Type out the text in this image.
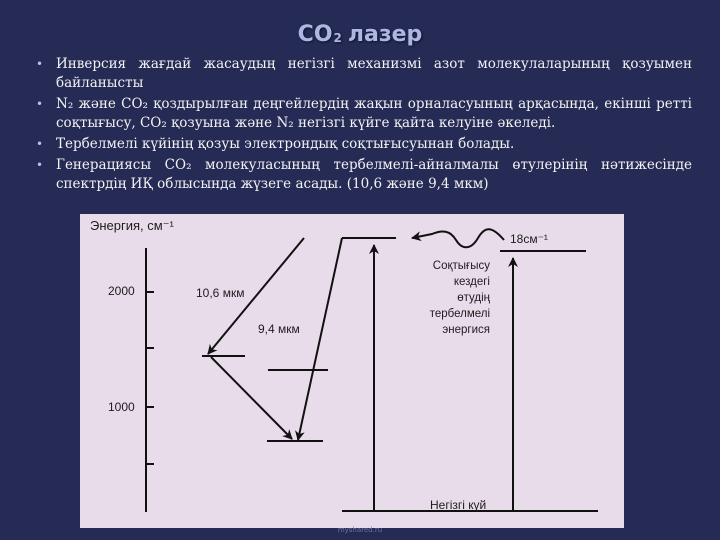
$CO_2$ лазер
• Инверсия жағдай жасаудың негізгі механизмі азот молекулаларының қозуымен байланысты
• N₂ және CO₂ қоздырылған деңгейлердің жақын орналасуының арқасында, екінші ретті соқтығысу, CO₂ қозуына және N₂ негізгі күйге қайта келуіне әкеледі.
• Тербелмелі күйінің қозуы электрондық соқтығысуынан болады.
• Генерациясы CO₂ молекуласының тербелмелі-айналмалы өтулерінің нәтижесінде спектрдің ИҚ облысында жүзеге асады. (10,6 және 9,4 мкм)
Энергия, см⁻¹
2000
1000
10,6 мкм
9,4 мкм
18см⁻¹
Соқтығысу
кездегі
өтудің
тербелмелі
энергися
Негізгі күй
myshared.ru
